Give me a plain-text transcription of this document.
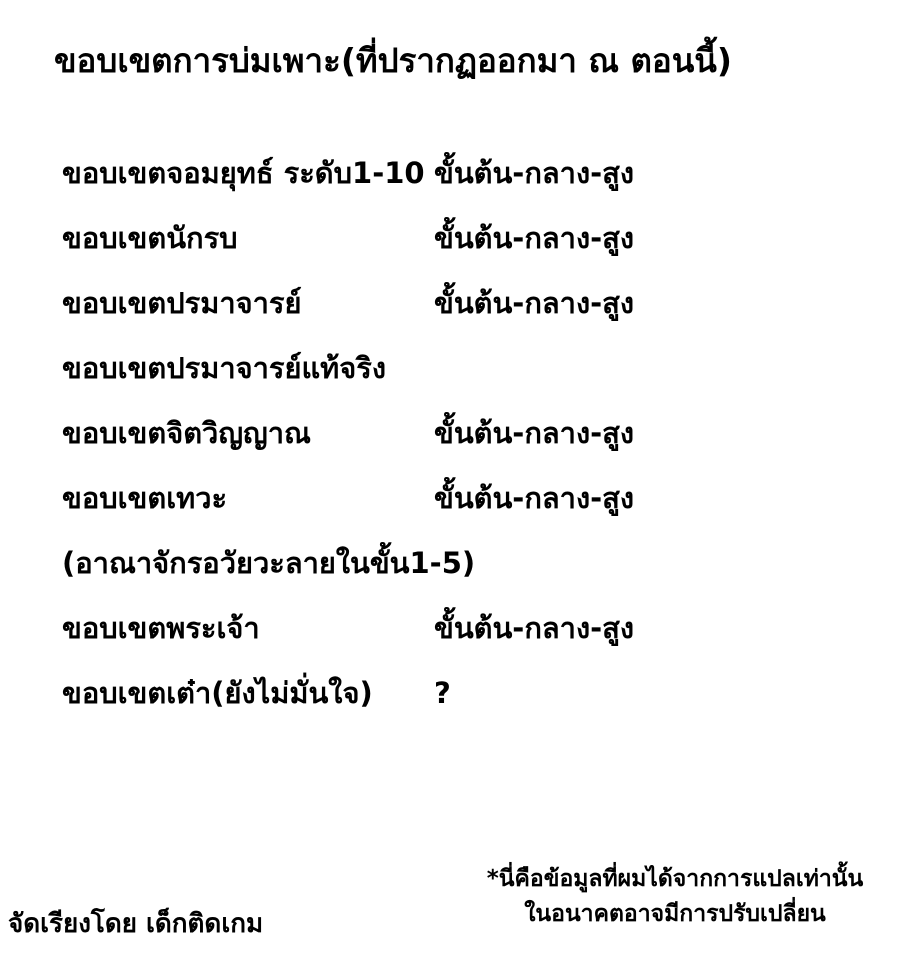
ขอบเขตการบ่มเพาะ(ที่ปรากฏออกมา ณ ตอนนี้)
ขอบเขตจอมยุทธ์ ระดับ1-10 ขั้นต้น-กลาง-สูง
ขอบเขตนักรบ	ขั้นต้น-กลาง-สูง
ขอบเขตปรมาจารย์	ขั้นต้น-กลาง-สูง
ขอบเขตปรมาจารย์แท้จริง
ขอบเขตจิตวิญญาณ	ขั้นต้น-กลาง-สูง
ขอบเขตเทวะ	ขั้นต้น-กลาง-สูง
(อาณาจักรอวัยวะลายในขั้น1-5)
ขอบเขตพระเจ้า	ขั้นต้น-กลาง-สูง
ขอบเขตเต๋า(ยังไม่มั่นใจ)	?
จัดเรียงโดย เด็กติดเกม
*นี่คือข้อมูลที่ผมได้จากการแปลเท่านั้น
ในอนาคตอาจมีการปรับเปลี่ยน
